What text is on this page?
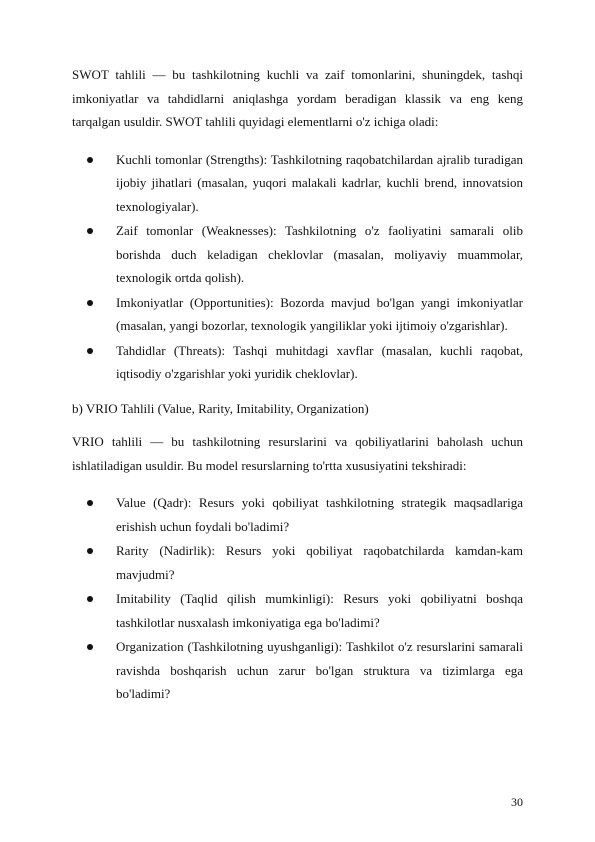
SWOT tahlili — bu tashkilotning kuchli va zaif tomonlarini, shuningdek, tashqi imkoniyatlar va tahdidlarni aniqlashga yordam beradigan klassik va eng keng tarqalgan usuldir. SWOT tahlili quyidagi elementlarni o'z ichiga oladi:

Kuchli tomonlar (Strengths): Tashkilotning raqobatchilardan ajralib turadigan ijobiy jihatlari (masalan, yuqori malakali kadrlar, kuchli brend, innovatsion texnologiyalar).
Zaif tomonlar (Weaknesses): Tashkilotning o'z faoliyatini samarali olib borishda duch keladigan cheklovlar (masalan, moliyaviy muammolar, texnologik ortda qolish).
Imkoniyatlar (Opportunities): Bozorda mavjud bo'lgan yangi imkoniyatlar (masalan, yangi bozorlar, texnologik yangiliklar yoki ijtimoiy o'zgarishlar).
Tahdidlar (Threats): Tashqi muhitdagi xavflar (masalan, kuchli raqobat, iqtisodiy o'zgarishlar yoki yuridik cheklovlar).

b) VRIO Tahlili (Value, Rarity, Imitability, Organization)

VRIO tahlili — bu tashkilotning resurslarini va qobiliyatlarini baholash uchun ishlatiladigan usuldir. Bu model resurslarning to'rtta xususiyatini tekshiradi:

Value (Qadr): Resurs yoki qobiliyat tashkilotning strategik maqsadlariga erishish uchun foydali bo'ladimi?
Rarity (Nadirlik): Resurs yoki qobiliyat raqobatchilarda kamdan-kam mavjudmi?
Imitability (Taqlid qilish mumkinligi): Resurs yoki qobiliyatni boshqa tashkilotlar nusxalash imkoniyatiga ega bo'ladimi?
Organization (Tashkilotning uyushganligi): Tashkilot o'z resurslarini samarali ravishda boshqarish uchun zarur bo'lgan struktura va tizimlarga ega bo'ladimi?
30
